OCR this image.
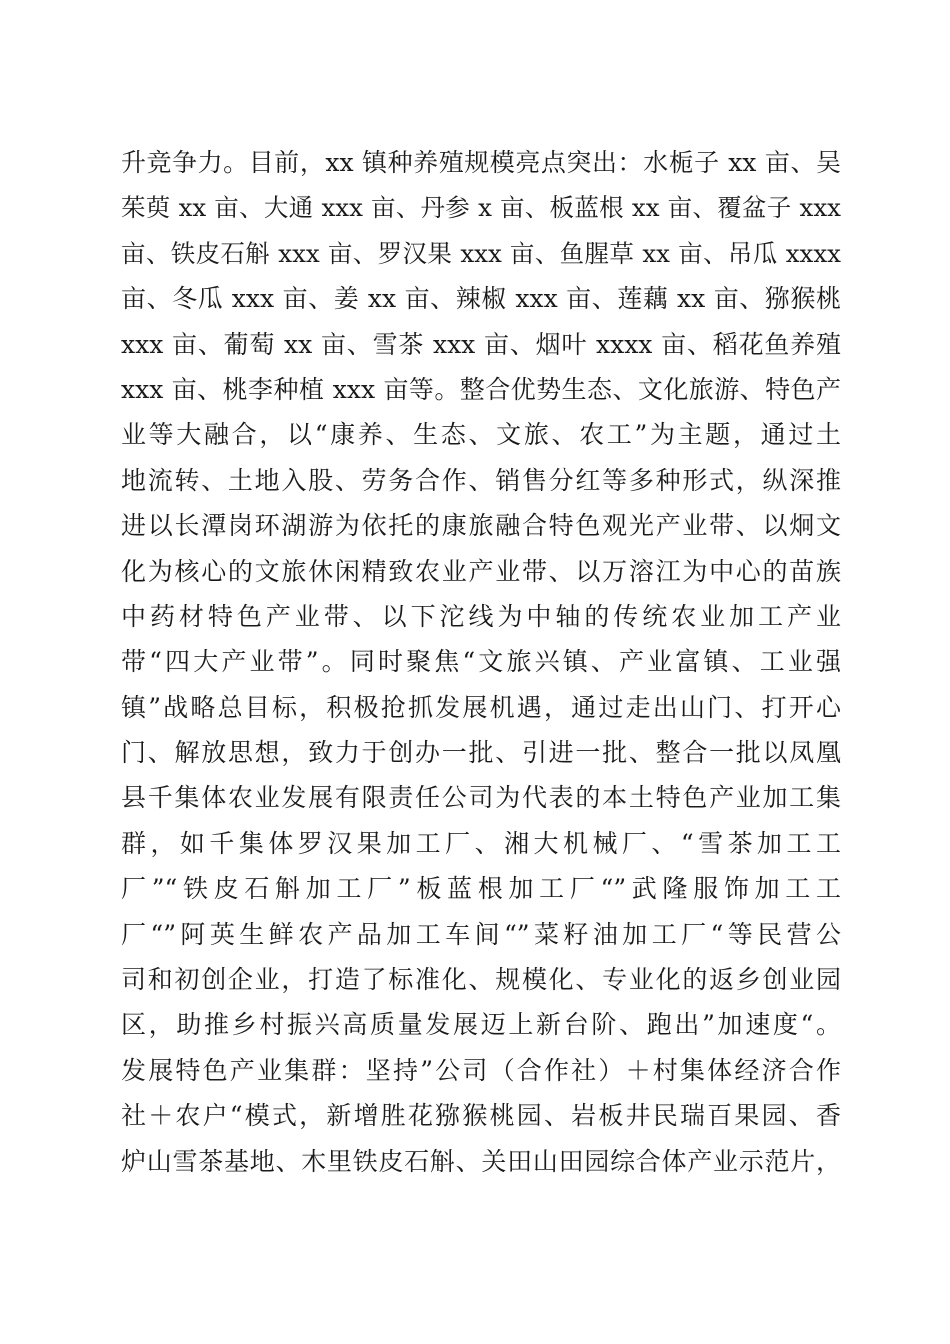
升竞争力。目前，xx 镇种养殖规模亮点突出：水栀子 xx 亩、吴
茱萸 xx 亩、大通 xxx 亩、丹参 x 亩、板蓝根 xx 亩、覆盆子 xxx
亩、铁皮石斛 xxx 亩、罗汉果 xxx 亩、鱼腥草 xx 亩、吊瓜 xxxx
亩、冬瓜 xxx 亩、姜 xx 亩、辣椒 xxx 亩、莲藕 xx 亩、猕猴桃
xxx 亩、葡萄 xx 亩、雪茶 xxx 亩、烟叶 xxxx 亩、稻花鱼养殖
xxx 亩、桃李种植 xxx 亩等。整合优势生态、文化旅游、特色产
业等大融合，以“康养、生态、文旅、农工”为主题，通过土
地流转、土地入股、劳务合作、销售分红等多种形式，纵深推
进以长潭岗环湖游为依托的康旅融合特色观光产业带、以炯文
化为核心的文旅休闲精致农业产业带、以万溶江为中心的苗族
中药材特色产业带、以下沱线为中轴的传统农业加工产业
带“四大产业带”。同时聚焦“文旅兴镇、产业富镇、工业强
镇”战略总目标，积极抢抓发展机遇，通过走出山门、打开心
门、解放思想，致力于创办一批、引进一批、整合一批以凤凰
县千集体农业发展有限责任公司为代表的本土特色产业加工集
群，如千集体罗汉果加工厂、湘大机械厂、“雪茶加工工
厂”“铁皮石斛加工厂”板蓝根加工厂“”武隆服饰加工工
厂“”阿英生鲜农产品加工车间“”菜籽油加工厂“等民营公
司和初创企业，打造了标准化、规模化、专业化的返乡创业园
区，助推乡村振兴高质量发展迈上新台阶、跑出”加速度“。
发展特色产业集群：坚持”公司（合作社）＋村集体经济合作
社＋农户“模式，新增胜花猕猴桃园、岩板井民瑞百果园、香
炉山雪茶基地、木里铁皮石斛、关田山田园综合体产业示范片，
